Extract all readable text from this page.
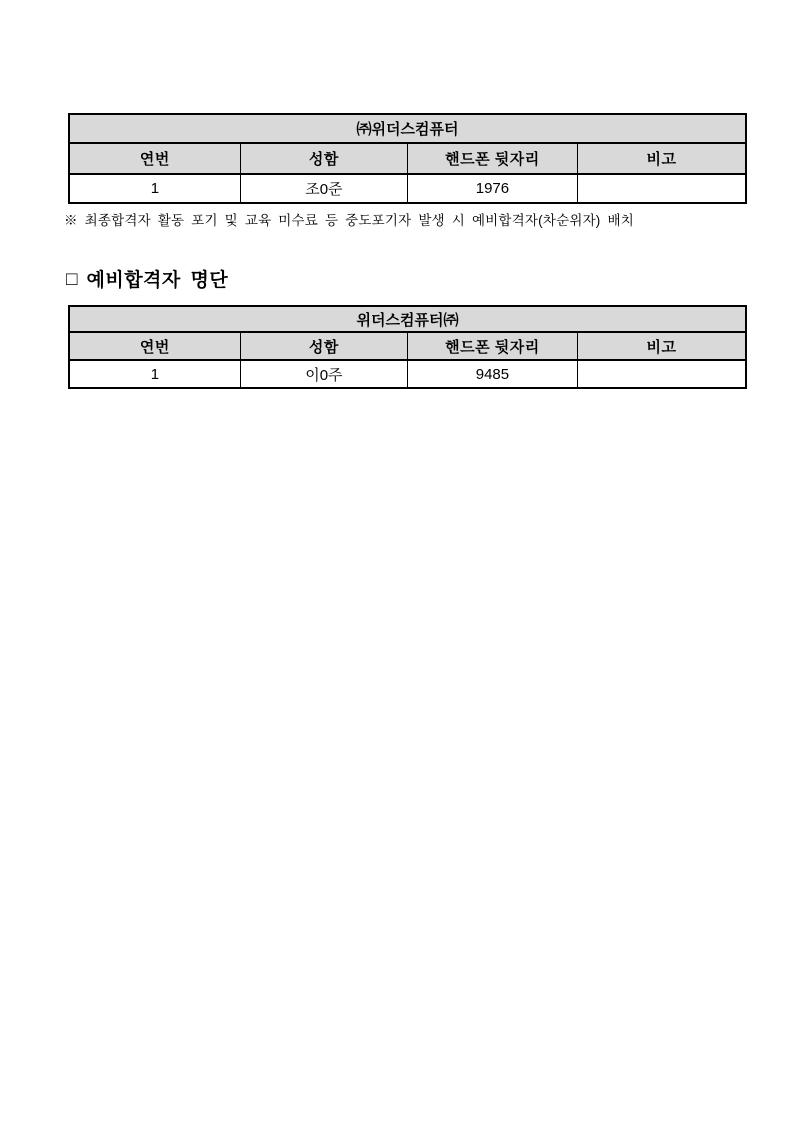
㈜위더스컴퓨터			
연번	성함	핸드폰 뒷자리	비고
1	조0준	1976	
※ 최종합격자 활동 포기 및 교육 미수료 등 중도포기자 발생 시 예비합격자(차순위자) 배치
□ 예비합격자 명단
위더스컴퓨터㈜			
연번	성함	핸드폰 뒷자리	비고
1	이0주	9485	
